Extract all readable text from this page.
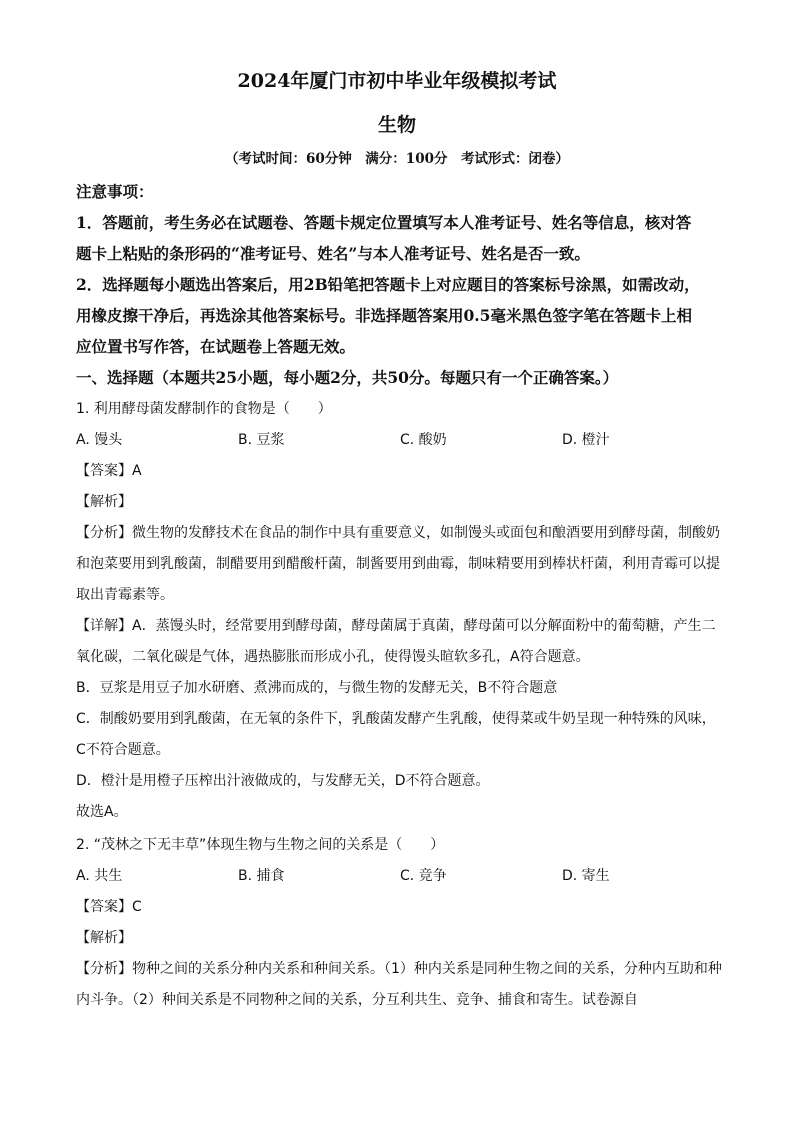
2024年厦门市初中毕业年级模拟考试
生物
（考试时间：60分钟　满分：100分　考试形式：闭卷）
注意事项：
1．答题前，考生务必在试题卷、答题卡规定位置填写本人准考证号、姓名等信息，核对答
题卡上粘贴的条形码的“准考证号、姓名”与本人准考证号、姓名是否一致。
2．选择题每小题选出答案后，用2B铅笔把答题卡上对应题目的答案标号涂黑，如需改动，
用橡皮擦干净后，再选涂其他答案标号。非选择题答案用0.5毫米黑色签字笔在答题卡上相
应位置书写作答，在试题卷上答题无效。
一、选择题（本题共25小题，每小题2分，共50分。每题只有一个正确答案。）
1. 利用酵母菌发酵制作的食物是（　　）
A. 馒头	B. 豆浆	C. 酸奶	D. 橙汁
【答案】A
【解析】
【分析】微生物的发酵技术在食品的制作中具有重要意义，如制馒头或面包和酿酒要用到酵母菌，制酸奶
和泡菜要用到乳酸菌，制醋要用到醋酸杆菌，制酱要用到曲霉，制味精要用到棒状杆菌，利用青霉可以提
取出青霉素等。
【详解】A．蒸馒头时，经常要用到酵母菌，酵母菌属于真菌，酵母菌可以分解面粉中的葡萄糖，产生二
氧化碳，二氧化碳是气体，遇热膨胀而形成小孔，使得馒头暄软多孔，A符合题意。
B．豆浆是用豆子加水研磨、煮沸而成的，与微生物的发酵无关，B不符合题意
C．制酸奶要用到乳酸菌，在无氧的条件下，乳酸菌发酵产生乳酸，使得菜或牛奶呈现一种特殊的风味，
C不符合题意。
D．橙汁是用橙子压榨出汁液做成的，与发酵无关，D不符合题意。
故选A。
2. “茂林之下无丰草”体现生物与生物之间的关系是（　　）
A. 共生	B. 捕食	C. 竞争	D. 寄生
【答案】C
【解析】
【分析】物种之间的关系分种内关系和种间关系。（1）种内关系是同种生物之间的关系，分种内互助和种
内斗争。（2）种间关系是不同物种之间的关系，分互利共生、竞争、捕食和寄生。试卷源自
